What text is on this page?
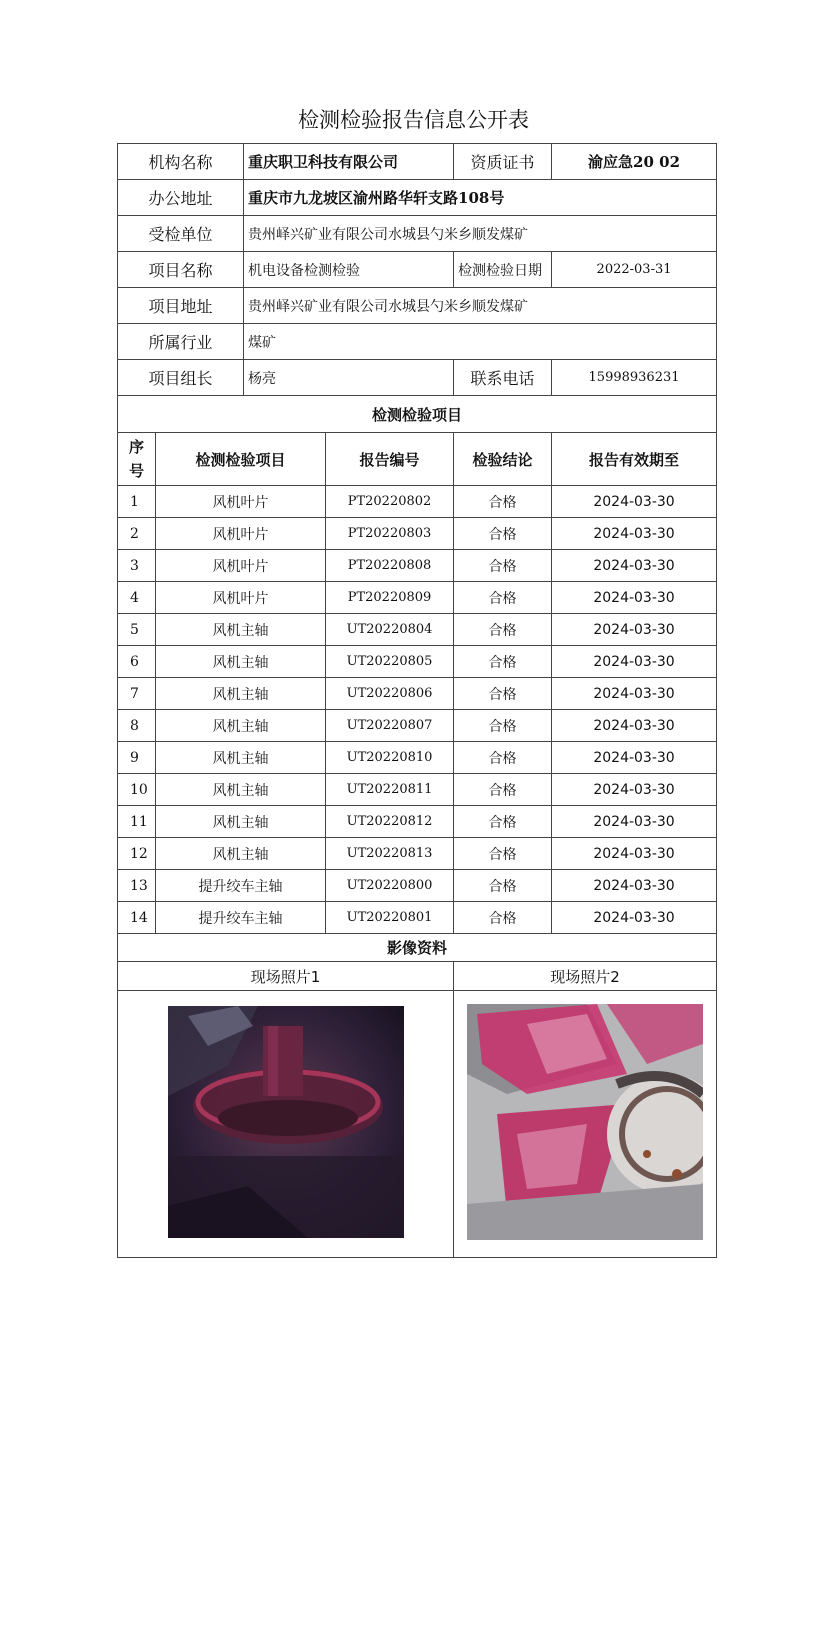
检测检验报告信息公开表
机构名称		重庆职卫科技有限公司		资质证书	渝应急20 02
办公地址		重庆市九龙坡区渝州路华轩支路108号			
受检单位		贵州峄兴矿业有限公司水城县勺米乡顺发煤矿			
项目名称		机电设备检测检验		检测检验日期	2022-03-31
项目地址		贵州峄兴矿业有限公司水城县勺米乡顺发煤矿			
所属行业		煤矿			
项目组长		杨亮		联系电话	15998936231
检测检验项目					
序号	检测检验项目		报告编号	检验结论	报告有效期至
1	风机叶片		PT20220802	合格	2024-03-30
2	风机叶片		PT20220803	合格	2024-03-30
3	风机叶片		PT20220808	合格	2024-03-30
4	风机叶片		PT20220809	合格	2024-03-30
5	风机主轴		UT20220804	合格	2024-03-30
6	风机主轴		UT20220805	合格	2024-03-30
7	风机主轴		UT20220806	合格	2024-03-30
8	风机主轴		UT20220807	合格	2024-03-30
9	风机主轴		UT20220810	合格	2024-03-30
10	风机主轴		UT20220811	合格	2024-03-30
11	风机主轴		UT20220812	合格	2024-03-30
12	风机主轴		UT20220813	合格	2024-03-30
13	提升绞车主轴		UT20220800	合格	2024-03-30
14	提升绞车主轴		UT20220801	合格	2024-03-30
影像资料					
现场照片1				现场照片2	
